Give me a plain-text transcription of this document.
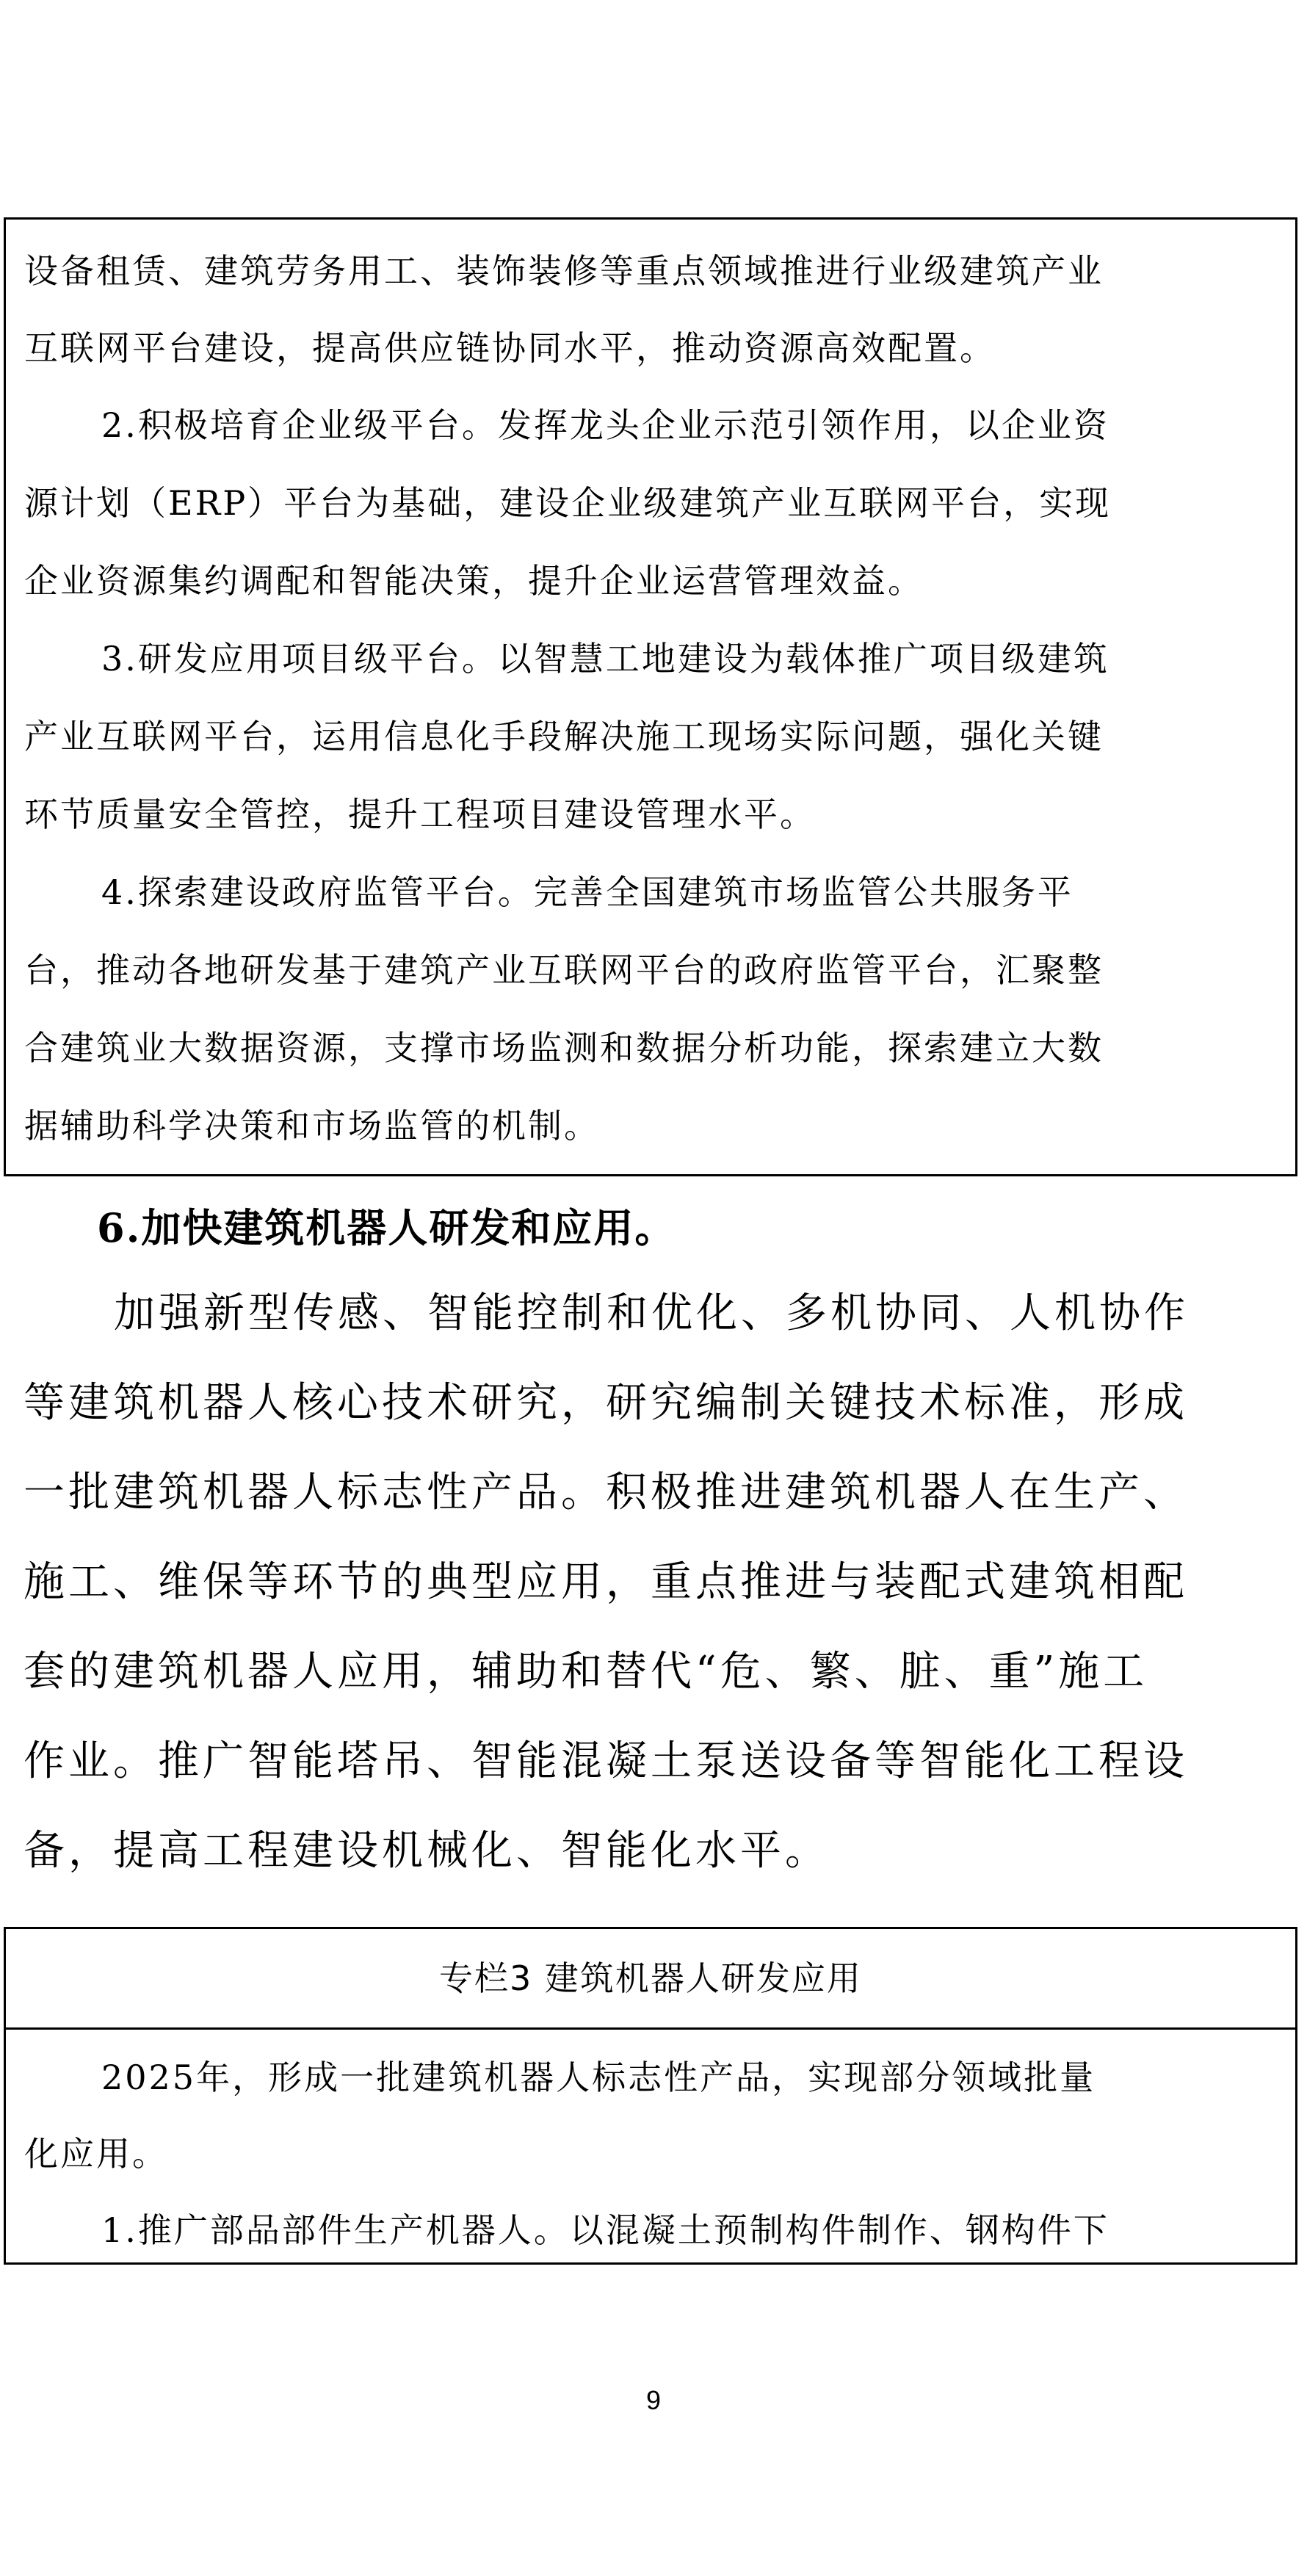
设备租赁、建筑劳务用工、装饰装修等重点领域推进行业级建筑产业
互联网平台建设，提高供应链协同水平，推动资源高效配置。
2.积极培育企业级平台。发挥龙头企业示范引领作用，以企业资
源计划（ERP）平台为基础，建设企业级建筑产业互联网平台，实现
企业资源集约调配和智能决策，提升企业运营管理效益。
3.研发应用项目级平台。以智慧工地建设为载体推广项目级建筑
产业互联网平台，运用信息化手段解决施工现场实际问题，强化关键
环节质量安全管控，提升工程项目建设管理水平。
4.探索建设政府监管平台。完善全国建筑市场监管公共服务平
台，推动各地研发基于建筑产业互联网平台的政府监管平台，汇聚整
合建筑业大数据资源，支撑市场监测和数据分析功能，探索建立大数
据辅助科学决策和市场监管的机制。
6.加快建筑机器人研发和应用。
加强新型传感、智能控制和优化、多机协同、人机协作
等建筑机器人核心技术研究，研究编制关键技术标准，形成
一批建筑机器人标志性产品。积极推进建筑机器人在生产、
施工、维保等环节的典型应用，重点推进与装配式建筑相配
套的建筑机器人应用，辅助和替代“危、繁、脏、重”施工
作业。推广智能塔吊、智能混凝土泵送设备等智能化工程设
备，提高工程建设机械化、智能化水平。
专栏3 建筑机器人研发应用
2025年，形成一批建筑机器人标志性产品，实现部分领域批量
化应用。
1.推广部品部件生产机器人。以混凝土预制构件制作、钢构件下
9
